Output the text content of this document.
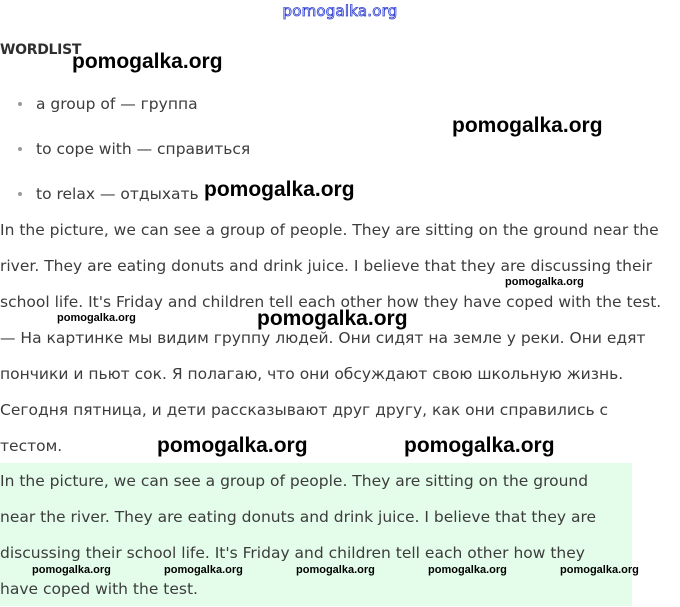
pomogalka.org
WORDLIST
a group of — группа
to cope with — справиться
to relax — отдыхать

In the picture, we can see a group of people. They are sitting on the ground near the river. They are eating donuts and drink juice. I believe that they are discussing their school life. It's Friday and children tell each other how they have coped with the test. — На картинке мы видим группу людей. Они сидят на земле у реки. Они едят пончики и пьют сок. Я полагаю, что они обсуждают свою школьную жизнь. Сегодня пятница, и дети рассказывают друг другу, как они справились с тестом.

In the picture, we can see a group of people. They are sitting on the ground near the river. They are eating donuts and drink juice. I believe that they are discussing their school life. It's Friday and children tell each other how they have coped with the test.

pomogalka.org
pomogalka.org
pomogalka.org
pomogalka.org
pomogalka.org	pomogalka.org
pomogalka.org	pomogalka.org
pomogalka.org	pomogalka.org	pomogalka.org	pomogalka.org	pomogalka.org
